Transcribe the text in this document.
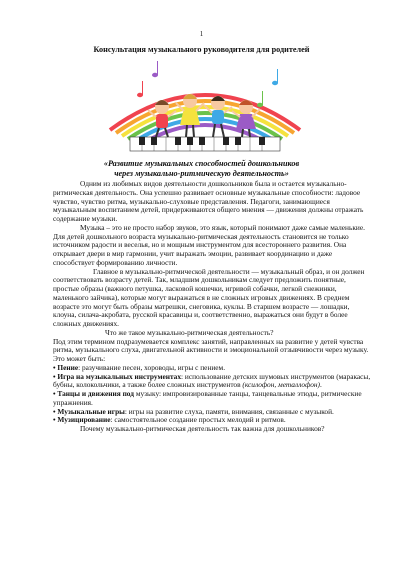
1
Консультация музыкального руководителя для родителей
«Развитие музыкальных способностей дошкольников
через музыкально-ритмическую деятельность»

Одним из любимых видов деятельности дошкольников была и остается музыкально-ритмическая деятельность. Она успешно развивает основные музыкальные способности: ладовое чувство, чувство ритма, музыкально-слуховые представления. Педагоги, занимающиеся музыкальным воспитанием детей, придерживаются общего мнения — движения должны отражать содержание музыки.

Музыка – это не просто набор звуков, это язык, который понимают даже самые маленькие. Для детей дошкольного возраста музыкально-ритмическая деятельность становится не только источником радости и веселья, но и мощным инструментом для всестороннего развития. Она открывает двери в мир гармонии, учит выражать эмоции, развивает координацию и даже способствует формированию личности.

Главное в музыкально-ритмической деятельности — музыкальный образ, и он должен соответствовать возрасту детей. Так, младшим дошкольникам следует предложить понятные, простые образы (важного петушка, ласковой кошечки, игривой собачки, легкой снежинки, маленького зайчика), которые могут выражаться в не сложных игровых движениях. В среднем возрасте это могут быть образы матрешки, снеговика, куклы. В старшем возрасте — лошадки, клоуна, силача-акробата, русской красавицы и, соответственно, выражаться они будут в более сложных движениях.

Что же такое музыкально-ритмическая деятельность?

Под этим термином подразумевается комплекс занятий, направленных на развитие у детей чувства ритма, музыкального слуха, двигательной активности и эмоциональной отзывчивости через музыку. Это может быть:

• Пение: разучивание песен, хороводы, игры с пением.

• Игра на музыкальных инструментах: использование детских шумовых инструментов (маракасы, бубны, колокольчики, а также более сложных инструментов (ксилофон, металлофон).

• Танцы и движения под музыку: импровизированные танцы, танцевальные этюды, ритмические упражнения.

• Музыкальные игры: игры на развитие слуха, памяти, внимания, связанные с музыкой.

• Музицирование: самостоятельное создание простых мелодий и ритмов.

Почему музыкально-ритмическая деятельность так важна для дошкольников?
